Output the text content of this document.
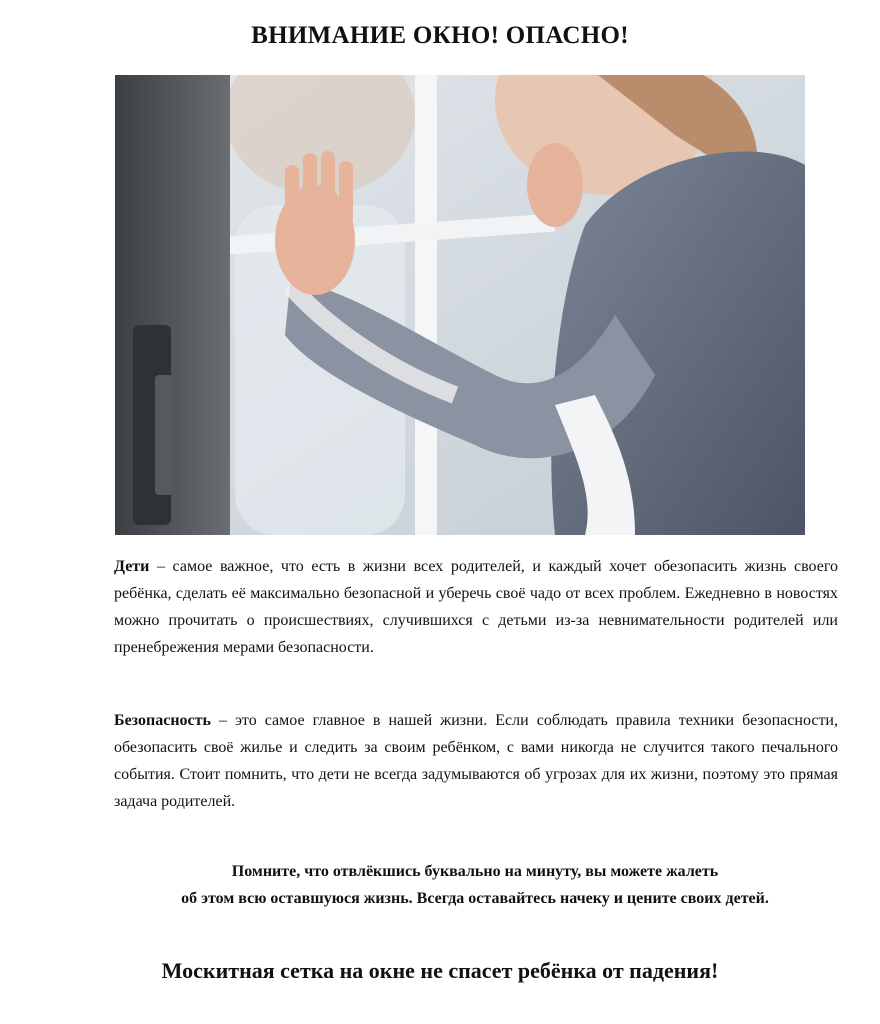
ВНИМАНИЕ ОКНО! ОПАСНО!

Дети – самое важное, что есть в жизни всех родителей, и каждый хочет обезопасить жизнь своего ребёнка, сделать её максимально безопасной и уберечь своё чадо от всех проблем. Ежедневно в новостях можно прочитать о происшествиях, случившихся с детьми из-за невнимательности родителей или пренебрежения мерами безопасности.

Безопасность – это самое главное в нашей жизни. Если соблюдать правила техники безопасности, обезопасить своё жилье и следить за своим ребёнком, с вами никогда не случится такого печального события. Стоит помнить, что дети не всегда задумываются об угрозах для их жизни, поэтому это прямая задача родителей.

Помните, что отвлёкшись буквально на минуту, вы можете жалеть
об этом всю оставшуюся жизнь. Всегда оставайтесь начеку и цените своих детей.
Москитная сетка на окне не спасет ребёнка от падения!
